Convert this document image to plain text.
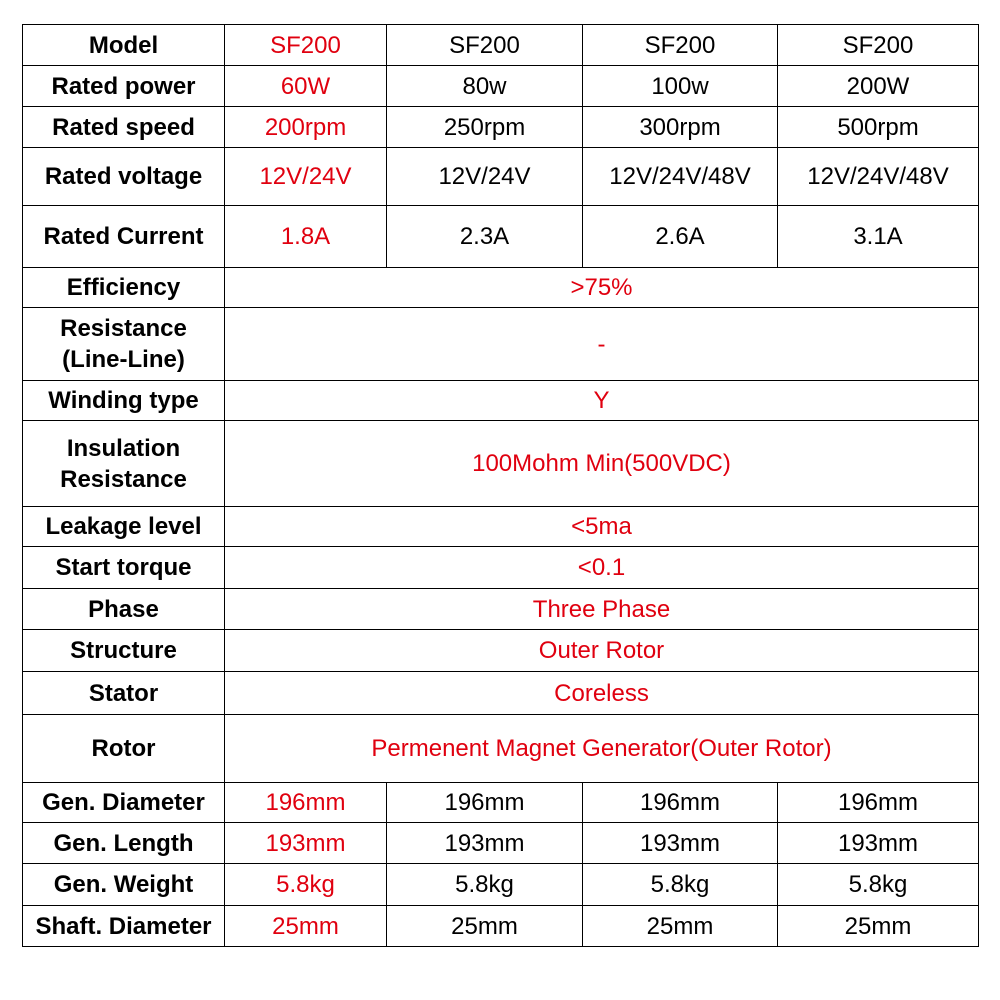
Model	SF200	SF200	SF200	SF200
Rated power	60W	80w	100w	200W
Rated speed	200rpm	250rpm	300rpm	500rpm
Rated voltage	12V/24V	12V/24V	12V/24V/48V	12V/24V/48V
Rated Current	1.8A	2.3A	2.6A	3.1A
Efficiency	>75%			

Resistance
(Line-Line)	-			
Winding type	Y			

Insulation
Resistance	100Mohm Min(500VDC)			
Leakage level	<5ma			
Start torque	<0.1			
Phase	Three Phase			
Structure	Outer Rotor			
Stator	Coreless			
Rotor	Permenent Magnet Generator(Outer Rotor)			
Gen. Diameter	196mm	196mm	196mm	196mm
Gen. Length	193mm	193mm	193mm	193mm
Gen. Weight	5.8kg	5.8kg	5.8kg	5.8kg
Shaft. Diameter	25mm	25mm	25mm	25mm
